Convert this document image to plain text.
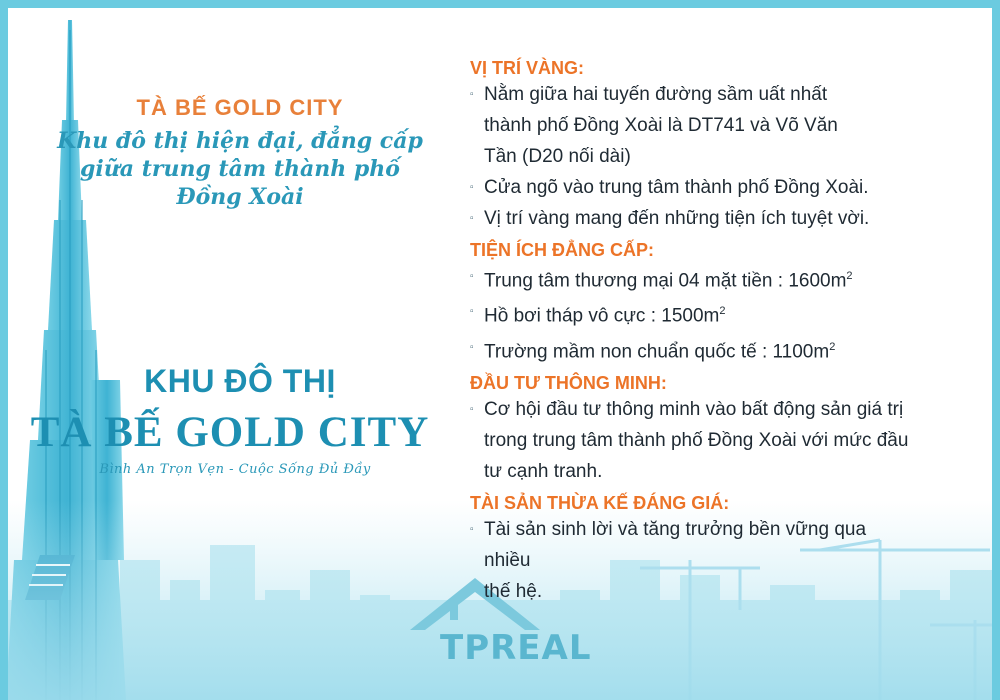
TÀ BẾ GOLD CITY

Khu đô thị hiện đại, đẳng cấp
giữa trung tâm thành phố
Đồng Xoài

KHU ĐÔ THỊ
TÀ BẾ GOLD CITY
Bình An Trọn Vẹn - Cuộc Sống Đủ Đầy

VỊ TRÍ VÀNG:

▫ Nằm giữa hai tuyến đường sầm uất nhất
thành phố Đồng Xoài là DT741 và Võ Văn
Tần (D20 nối dài)

▫ Cửa ngõ vào trung tâm thành phố Đồng Xoài.

▫ Vị trí vàng mang đến những tiện ích tuyệt vời.

TIỆN ÍCH ĐẲNG CẤP:

▫ Trung tâm thương mại 04 mặt tiền : $1600m^2$

▫ Hồ bơi tháp vô cực : $1500m^2$

▫ Trường mầm non chuẩn quốc tế : $1100m^2$

ĐẦU TƯ THÔNG MINH:

▫ Cơ hội đầu tư thông minh vào bất động sản giá trị
trong trung tâm thành phố Đồng Xoài với mức đầu
tư cạnh tranh.

TÀI SẢN THỪA KẾ ĐÁNG GIÁ:

▫ Tài sản sinh lời và tăng trưởng bền vững qua nhiều
thế hệ.

TPREAL
